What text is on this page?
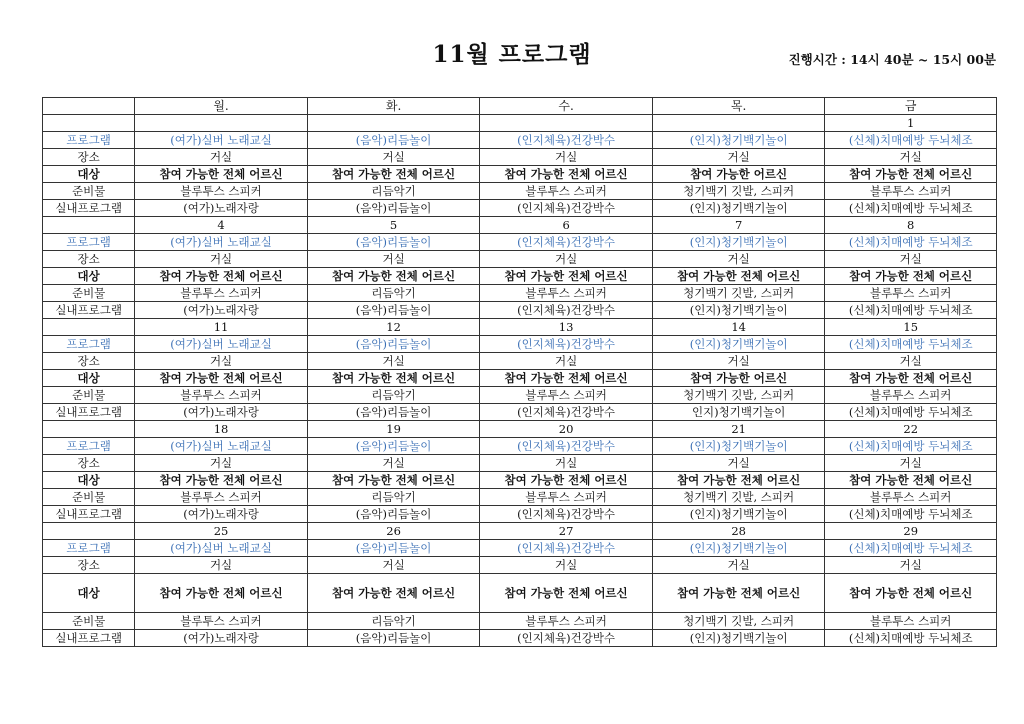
11월 프로그램	진행시간 : 14시 40분 ~ 15시 00분
	월.	화.	수.	목.	금
					1
프로그램	(여가)실버 노래교실	(음악)리듬놀이	(인지체육)건강박수	(인지)청기백기놀이	(신체)치매예방 두뇌체조
장소	거실	거실	거실	거실	거실
대상	참여 가능한 전체 어르신	참여 가능한 전체 어르신	참여 가능한 전체 어르신	참여 가능한 어르신	참여 가능한 전체 어르신
준비물	블루투스 스피커	리듬악기	블루투스 스피커	청기백기 깃발, 스피커	블루투스 스피커
실내프로그램	(여가)노래자랑	(음악)리듬놀이	(인지체육)건강박수	(인지)청기백기놀이	(신체)치매예방 두뇌체조
	4	5	6	7	8
프로그램	(여가)실버 노래교실	(음악)리듬놀이	(인지체육)건강박수	(인지)청기백기놀이	(신체)치매예방 두뇌체조
장소	거실	거실	거실	거실	거실
대상	참여 가능한 전체 어르신	참여 가능한 전체 어르신	참여 가능한 전체 어르신	참여 가능한 전체 어르신	참여 가능한 전체 어르신
준비물	블루투스 스피커	리듬악기	블루투스 스피커	청기백기 깃발, 스피커	블루투스 스피커
실내프로그램	(여가)노래자랑	(음악)리듬놀이	(인지체육)건강박수	(인지)청기백기놀이	(신체)치매예방 두뇌체조
	11	12	13	14	15
프로그램	(여가)실버 노래교실	(음악)리듬놀이	(인지체육)건강박수	(인지)청기백기놀이	(신체)치매예방 두뇌체조
장소	거실	거실	거실	거실	거실
대상	참여 가능한 전체 어르신	참여 가능한 전체 어르신	참여 가능한 전체 어르신	참여 가능한 어르신	참여 가능한 전체 어르신
준비물	블루투스 스피커	리듬악기	블루투스 스피커	청기백기 깃발, 스피커	블루투스 스피커
실내프로그램	(여가)노래자랑	(음악)리듬놀이	(인지체육)건강박수	인지)청기백기놀이	(신체)치매예방 두뇌체조
	18	19	20	21	22
프로그램	(여가)실버 노래교실	(음악)리듬놀이	(인지체육)건강박수	(인지)청기백기놀이	(신체)치매예방 두뇌체조
장소	거실	거실	거실	거실	거실
대상	참여 가능한 전체 어르신	참여 가능한 전체 어르신	참여 가능한 전체 어르신	참여 가능한 전체 어르신	참여 가능한 전체 어르신
준비물	블루투스 스피커	리듬악기	블루투스 스피커	청기백기 깃발, 스피커	블루투스 스피커
실내프로그램	(여가)노래자랑	(음악)리듬놀이	(인지체육)건강박수	(인지)청기백기놀이	(신체)치매예방 두뇌체조
	25	26	27	28	29
프로그램	(여가)실버 노래교실	(음악)리듬놀이	(인지체육)건강박수	(인지)청기백기놀이	(신체)치매예방 두뇌체조
장소	거실	거실	거실	거실	거실
대상	참여 가능한 전체 어르신	참여 가능한 전체 어르신	참여 가능한 전체 어르신	참여 가능한 전체 어르신	참여 가능한 전체 어르신
준비물	블루투스 스피커	리듬악기	블루투스 스피커	청기백기 깃발, 스피커	블루투스 스피커
실내프로그램	(여가)노래자랑	(음악)리듬놀이	(인지체육)건강박수	(인지)청기백기놀이	(신체)치매예방 두뇌체조
